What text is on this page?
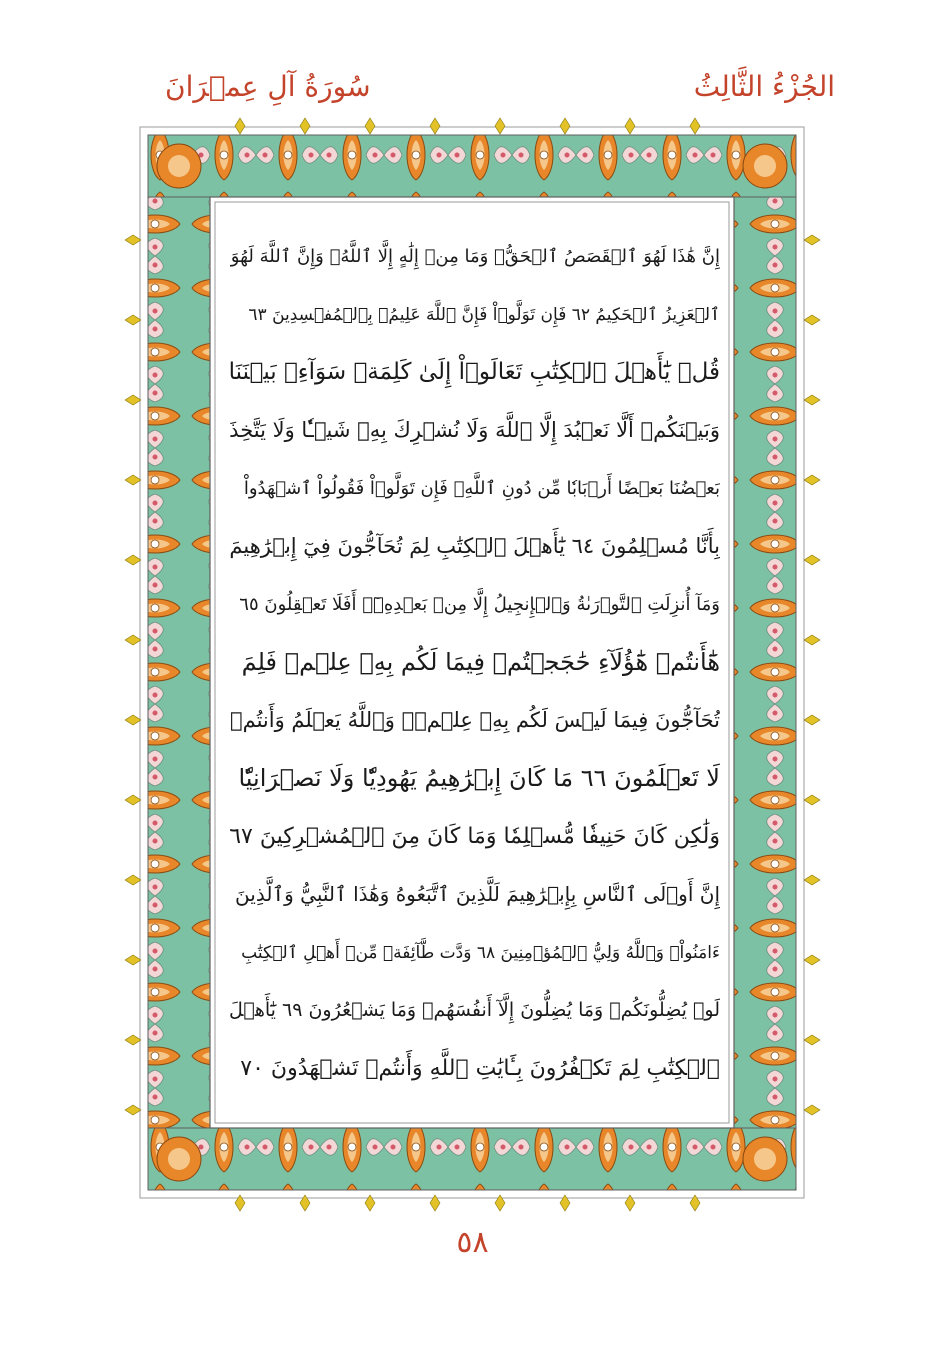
الجُزْءُ الثَّالِثُ
سُورَةُ آلِ عِمۡرَانَ
إِنَّ هَٰذَا لَهُوَ ٱلۡقَصَصُ ٱلۡحَقُّۚ وَمَا مِنۡ إِلَٰهٍ إِلَّا ٱللَّهُۚ وَإِنَّ ٱللَّهَ لَهُوَ
ٱلۡعَزِيزُ ٱلۡحَكِيمُ ٦٢ فَإِن تَوَلَّوۡاْ فَإِنَّ ٱللَّهَ عَلِيمُۢ بِٱلۡمُفۡسِدِينَ ٦٣
قُلۡ يَٰٓأَهۡلَ ٱلۡكِتَٰبِ تَعَالَوۡاْ إِلَىٰ كَلِمَةٖ سَوَآءِۭ بَيۡنَنَا
وَبَيۡنَكُمۡ أَلَّا نَعۡبُدَ إِلَّا ٱللَّهَ وَلَا نُشۡرِكَ بِهِۦ شَيۡـٔٗا وَلَا يَتَّخِذَ
بَعۡضُنَا بَعۡضًا أَرۡبَابٗا مِّن دُونِ ٱللَّهِۚ فَإِن تَوَلَّوۡاْ فَقُولُواْ ٱشۡهَدُواْ
بِأَنَّا مُسۡلِمُونَ ٦٤ يَٰٓأَهۡلَ ٱلۡكِتَٰبِ لِمَ تُحَآجُّونَ فِيٓ إِبۡرَٰهِيمَ
وَمَآ أُنزِلَتِ ٱلتَّوۡرَىٰةُ وَٱلۡإِنجِيلُ إِلَّا مِنۢ بَعۡدِهِۦٓۚ أَفَلَا تَعۡقِلُونَ ٦٥
هَٰٓأَنتُمۡ هَٰٓؤُلَآءِ حَٰجَجۡتُمۡ فِيمَا لَكُم بِهِۦ عِلۡمٞ فَلِمَ
تُحَآجُّونَ فِيمَا لَيۡسَ لَكُم بِهِۦ عِلۡمٞۚ وَٱللَّهُ يَعۡلَمُ وَأَنتُمۡ
لَا تَعۡلَمُونَ ٦٦ مَا كَانَ إِبۡرَٰهِيمُ يَهُودِيّٗا وَلَا نَصۡرَانِيّٗا
وَلَٰكِن كَانَ حَنِيفٗا مُّسۡلِمٗا وَمَا كَانَ مِنَ ٱلۡمُشۡرِكِينَ ٦٧
إِنَّ أَوۡلَى ٱلنَّاسِ بِإِبۡرَٰهِيمَ لَلَّذِينَ ٱتَّبَعُوهُ وَهَٰذَا ٱلنَّبِيُّ وَٱلَّذِينَ
ءَامَنُواْۗ وَٱللَّهُ وَلِيُّ ٱلۡمُؤۡمِنِينَ ٦٨ وَدَّت طَّآئِفَةٞ مِّنۡ أَهۡلِ ٱلۡكِتَٰبِ
لَوۡ يُضِلُّونَكُمۡ وَمَا يُضِلُّونَ إِلَّآ أَنفُسَهُمۡ وَمَا يَشۡعُرُونَ ٦٩ يَٰٓأَهۡلَ
ٱلۡكِتَٰبِ لِمَ تَكۡفُرُونَ بِـَٔايَٰتِ ٱللَّهِ وَأَنتُمۡ تَشۡهَدُونَ ٧٠
٥٨
